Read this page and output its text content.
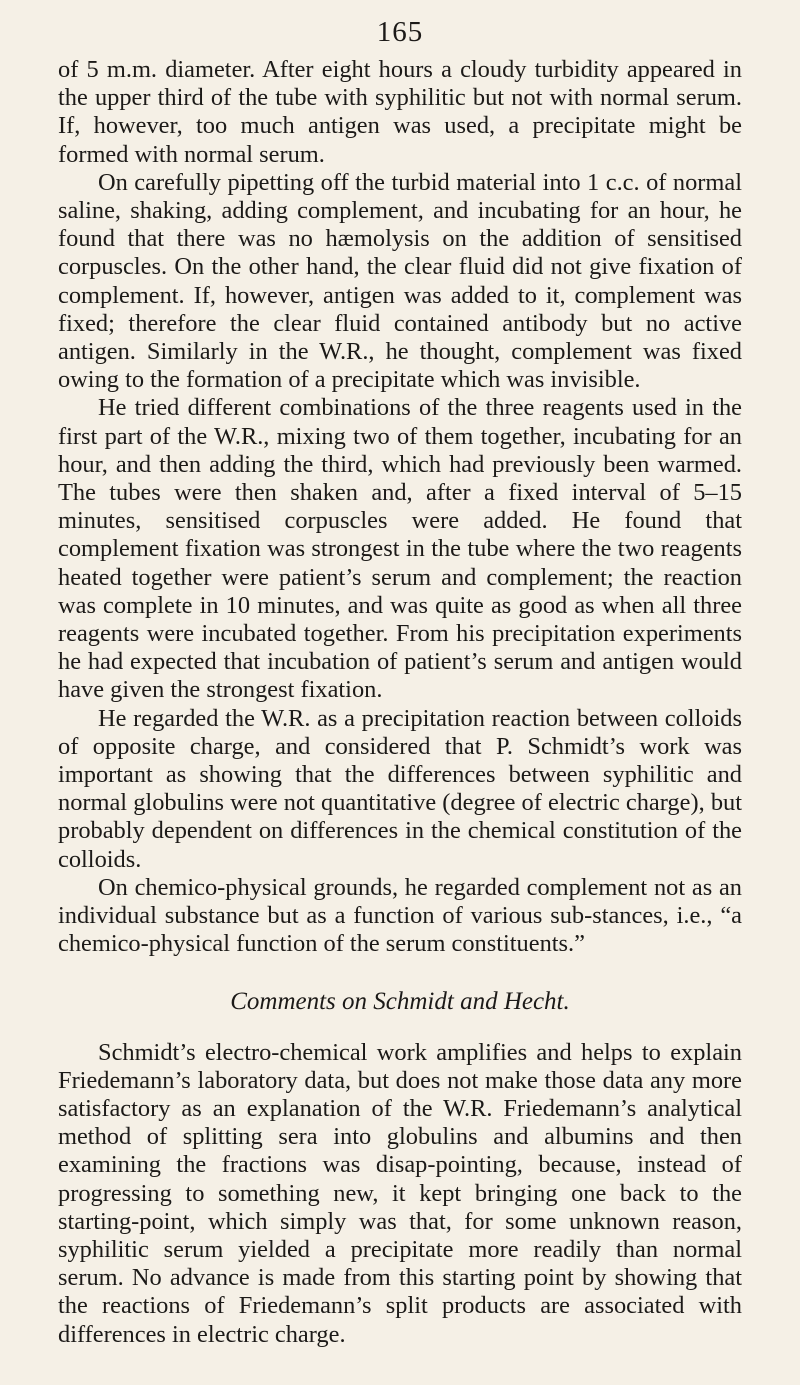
165

of 5 m.m. diameter. After eight hours a cloudy turbidity appeared in the upper third of the tube with syphilitic but not with normal serum. If, however, too much antigen was used, a precipitate might be formed with normal serum.

On carefully pipetting off the turbid material into 1 c.c. of normal saline, shaking, adding complement, and incubating for an hour, he found that there was no hæmolysis on the addition of sensitised corpuscles. On the other hand, the clear fluid did not give fixation of complement. If, however, antigen was added to it, complement was fixed; therefore the clear fluid contained antibody but no active antigen. Similarly in the W.R., he thought, complement was fixed owing to the formation of a precipitate which was invisible.

He tried different combinations of the three reagents used in the first part of the W.R., mixing two of them together, incubating for an hour, and then adding the third, which had previously been warmed. The tubes were then shaken and, after a fixed interval of 5–15 minutes, sensitised corpuscles were added. He found that complement fixation was strongest in the tube where the two reagents heated together were patient’s serum and complement; the reaction was complete in 10 minutes, and was quite as good as when all three reagents were incubated together. From his precipitation experiments he had expected that incubation of patient’s serum and antigen would have given the strongest fixation.

He regarded the W.R. as a precipitation reaction between colloids of opposite charge, and considered that P. Schmidt’s work was important as showing that the differences between syphilitic and normal globulins were not quantitative (degree of electric charge), but probably dependent on differences in the chemical constitution of the colloids.

On chemico-physical grounds, he regarded complement not as an individual substance but as a function of various sub-stances, i.e., “a chemico-physical function of the serum constituents.”

Comments on Schmidt and Hecht.

Schmidt’s electro-chemical work amplifies and helps to explain Friedemann’s laboratory data, but does not make those data any more satisfactory as an explanation of the W.R. Friedemann’s analytical method of splitting sera into globulins and albumins and then examining the fractions was disap-pointing, because, instead of progressing to something new, it kept bringing one back to the starting-point, which simply was that, for some unknown reason, syphilitic serum yielded a precipitate more readily than normal serum. No advance is made from this starting point by showing that the reactions of Friedemann’s split products are associated with differences in electric charge.
